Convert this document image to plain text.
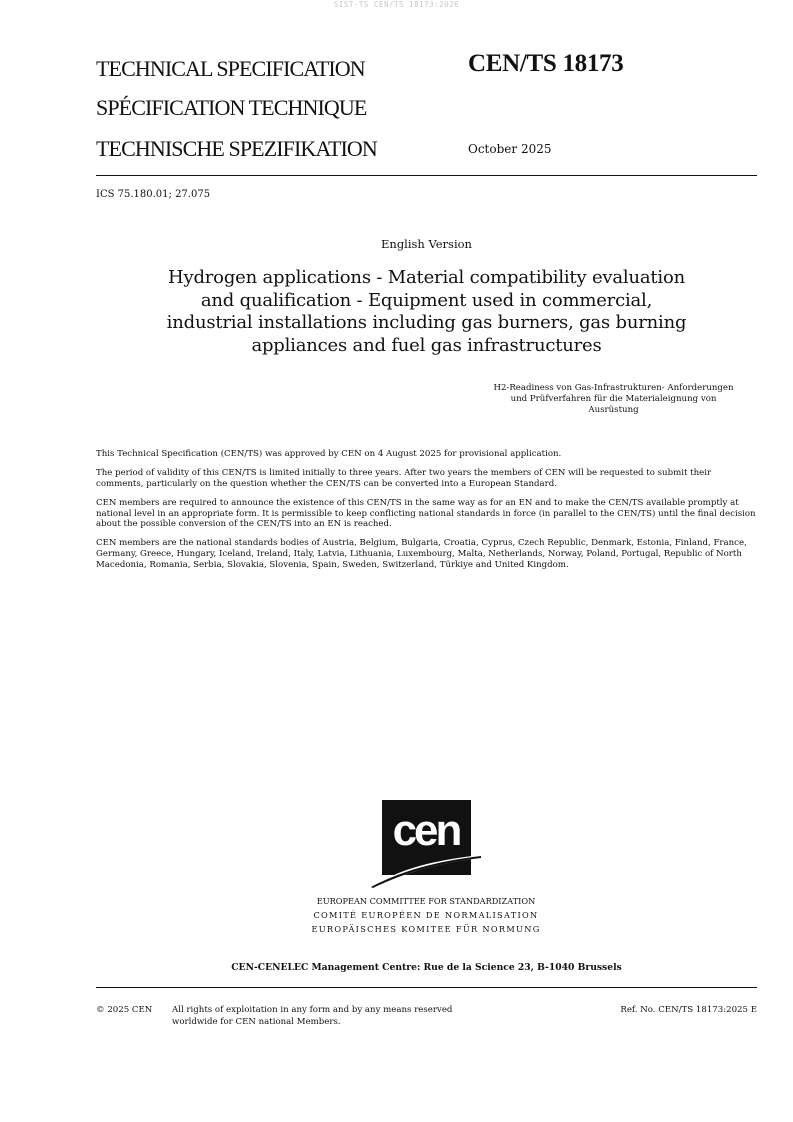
SIST-TS CEN/TS 18173:2026
TECHNICAL SPECIFICATION
SPÉCIFICATION TECHNIQUE
TECHNISCHE SPEZIFIKATION
CEN/TS 18173
October 2025
ICS 75.180.01; 27.075
English Version
Hydrogen applications - Material compatibility evaluation
and qualification - Equipment used in commercial,
industrial installations including gas burners, gas burning
appliances and fuel gas infrastructures
H2-Readiness von Gas-Infrastrukturen- Anforderungen
und Prüfverfahren für die Materialeignung von
Ausrüstung

This Technical Specification (CEN/TS) was approved by CEN on 4 August 2025 for provisional application.

The period of validity of this CEN/TS is limited initially to three years. After two years the members of CEN will be requested to submit their comments, particularly on the question whether the CEN/TS can be converted into a European Standard.

CEN members are required to announce the existence of this CEN/TS in the same way as for an EN and to make the CEN/TS available promptly at national level in an appropriate form. It is permissible to keep conflicting national standards in force (in parallel to the CEN/TS) until the final decision about the possible conversion of the CEN/TS into an EN is reached.

CEN members are the national standards bodies of Austria, Belgium, Bulgaria, Croatia, Cyprus, Czech Republic, Denmark, Estonia, Finland, France, Germany, Greece, Hungary, Iceland, Ireland, Italy, Latvia, Lithuania, Luxembourg, Malta, Netherlands, Norway, Poland, Portugal, Republic of North Macedonia, Romania, Serbia, Slovakia, Slovenia, Spain, Sweden, Switzerland, Türkiye and United Kingdom.

cen
EUROPEAN COMMITTEE FOR STANDARDIZATION
COMITÉ EUROPÉEN DE NORMALISATION
EUROPÄISCHES KOMITEE FÜR NORMUNG
CEN-CENELEC Management Centre: Rue de la Science 23, B-1040 Brussels
© 2025 CEN All rights of exploitation in any form and by any means reserved
worldwide for CEN national Members.
Ref. No. CEN/TS 18173:2025 E
